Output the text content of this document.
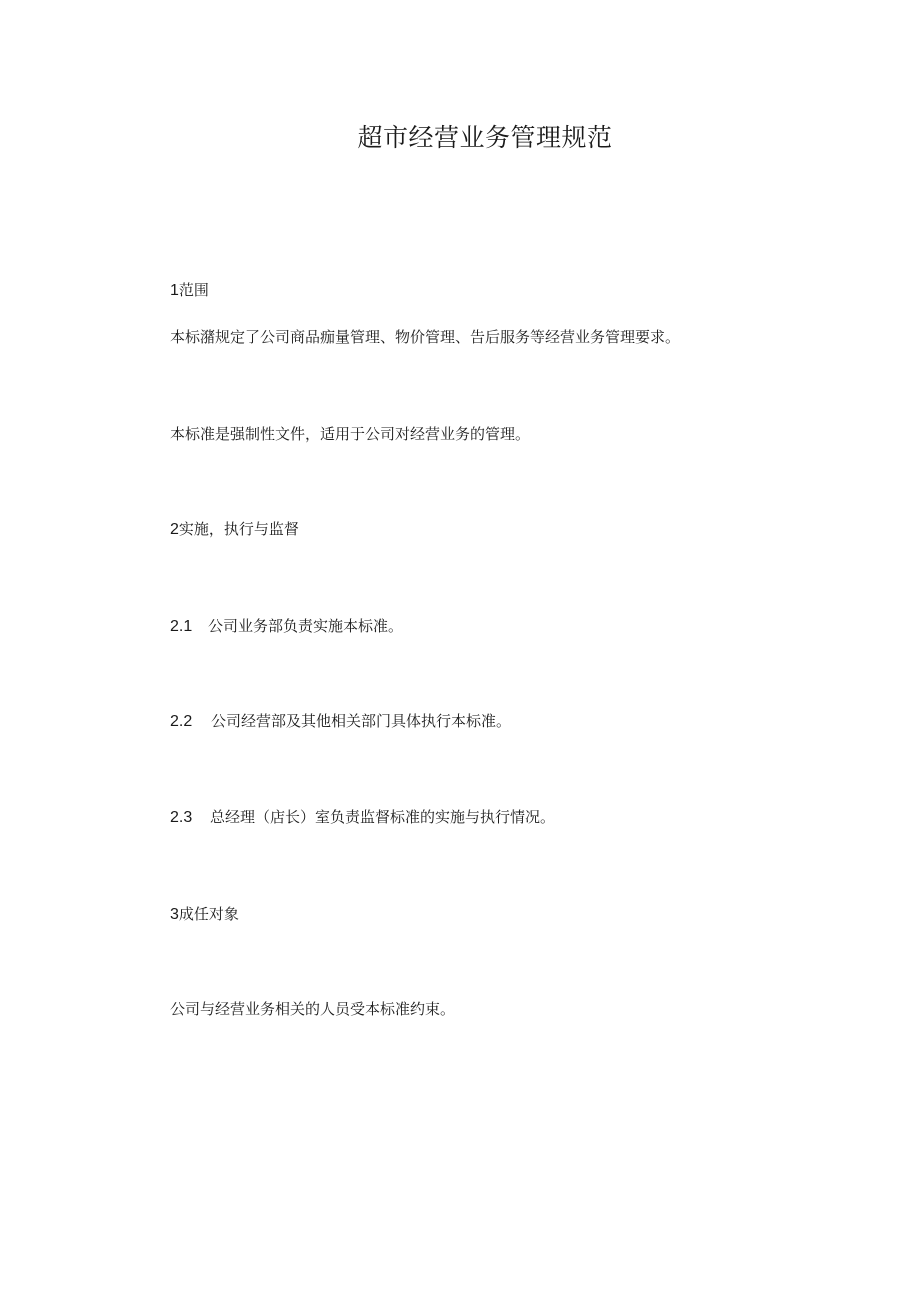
超市经营业务管理规范
1范围
本标潴规定了公司商品痂量管理、物价管理、告后服务等经营业务管理要求。
本标准是强制性文件，适用于公司对经营业务的管理。
2实施，执行与监督
2.1 公司业务部负责实施本标准。
2.2 公司经营部及其他相关部门具体执行本标准。
2.3 总经理（店长）室负责监督标准的实施与执行情况。
3成任对象
公司与经营业务相关的人员受本标准约束。
